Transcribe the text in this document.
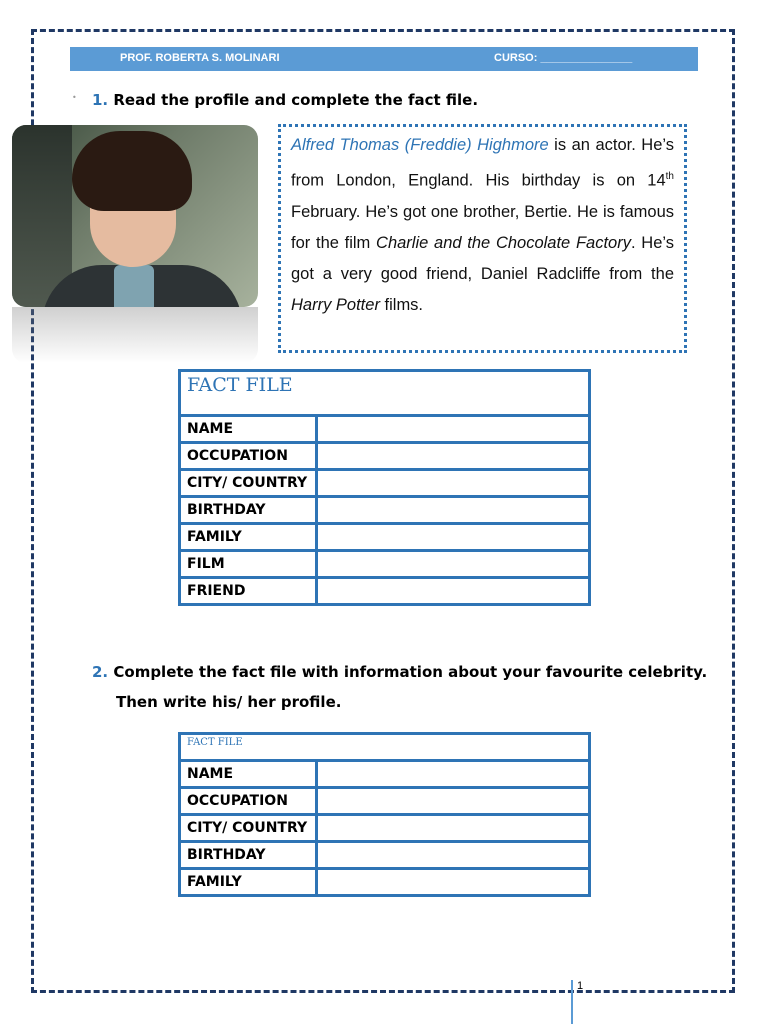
PROF. ROBERTA S. MOLINARI	CURSO: _______________
• 1. Read the profile and complete the fact file.
Alfred Thomas (Freddie) Highmore is an actor. He’s from London, England. His birthday is on 14th February. He’s got one brother, Bertie. He is famous for the film Charlie and the Chocolate Factory. He’s got a very good friend, Daniel Radcliffe from the Harry Potter films.
FACT FILE	
NAME	
OCCUPATION	
CITY/ COUNTRY	
BIRTHDAY	
FAMILY	
FILM	
FRIEND	
2. Complete the fact file with information about your favourite celebrity.
Then write his/ her profile.
FACT FILE	
NAME	
OCCUPATION	
CITY/ COUNTRY	
BIRTHDAY	
FAMILY	
1
